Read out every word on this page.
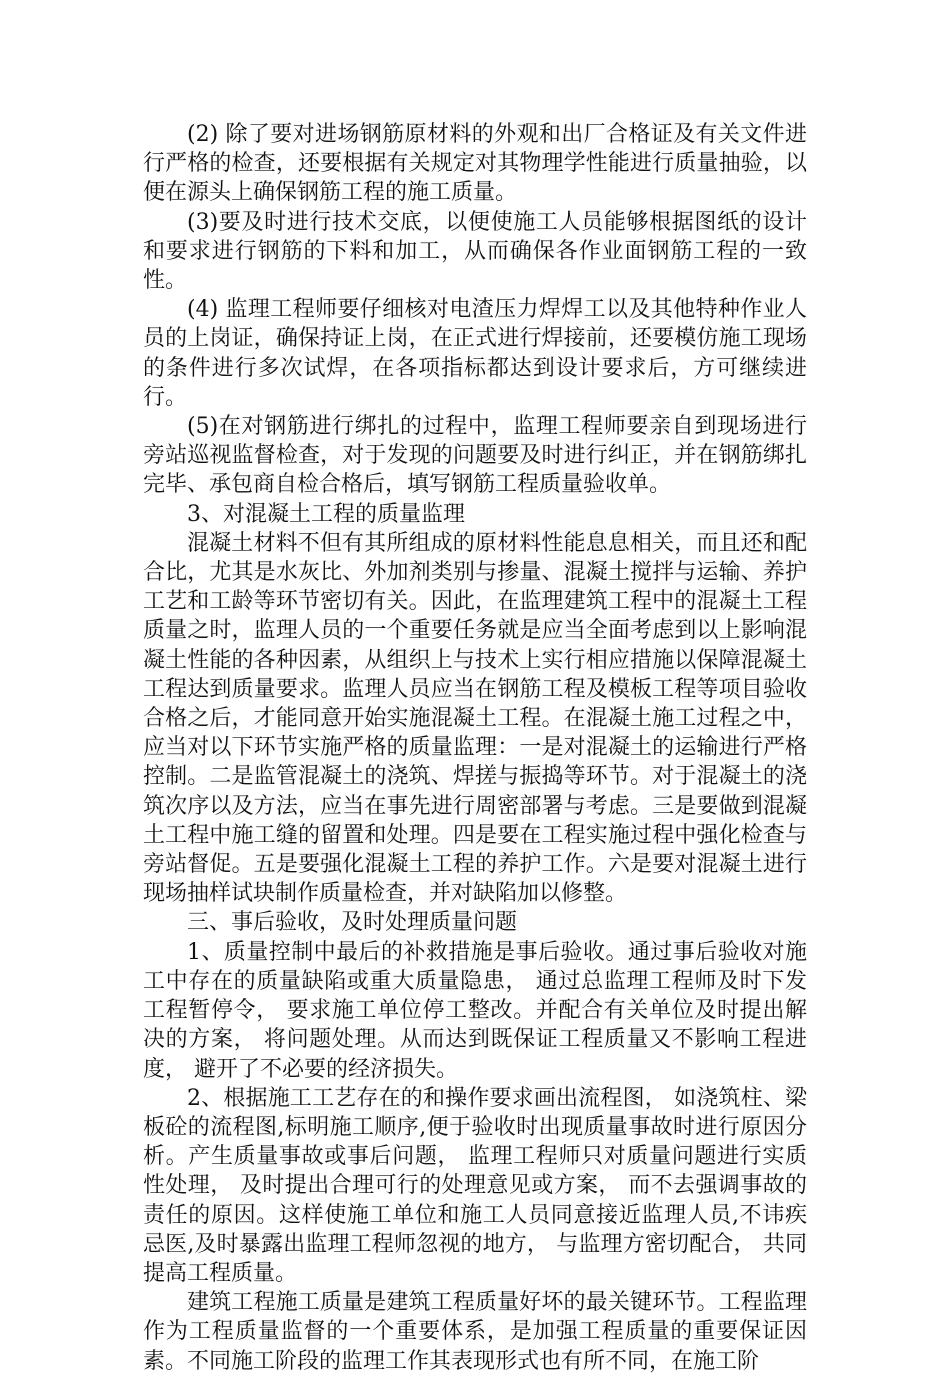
(2) 除了要对进场钢筋原材料的外观和出厂合格证及有关文件进行严格的检查，还要根据有关规定对其物理学性能进行质量抽验，以便在源头上确保钢筋工程的施工质量。

(3)要及时进行技术交底，以便使施工人员能够根据图纸的设计和要求进行钢筋的下料和加工，从而确保各作业面钢筋工程的一致性。

(4) 监理工程师要仔细核对电渣压力焊焊工以及其他特种作业人员的上岗证，确保持证上岗，在正式进行焊接前，还要模仿施工现场的条件进行多次试焊，在各项指标都达到设计要求后，方可继续进行。

(5)在对钢筋进行绑扎的过程中，监理工程师要亲自到现场进行旁站巡视监督检查，对于发现的问题要及时进行纠正，并在钢筋绑扎完毕、承包商自检合格后，填写钢筋工程质量验收单。

3、对混凝土工程的质量监理

混凝土材料不但有其所组成的原材料性能息息相关，而且还和配合比，尤其是水灰比、外加剂类别与掺量、混凝土搅拌与运输、养护工艺和工龄等环节密切有关。因此，在监理建筑工程中的混凝土工程质量之时，监理人员的一个重要任务就是应当全面考虑到以上影响混凝土性能的各种因素，从组织上与技术上实行相应措施以保障混凝土工程达到质量要求。监理人员应当在钢筋工程及模板工程等项目验收合格之后，才能同意开始实施混凝土工程。在混凝土施工过程之中，应当对以下环节实施严格的质量监理：一是对混凝土的运输进行严格控制。二是监管混凝土的浇筑、焊搓与振捣等环节。对于混凝土的浇筑次序以及方法，应当在事先进行周密部署与考虑。三是要做到混凝土工程中施工缝的留置和处理。四是要在工程实施过程中强化检查与旁站督促。五是要强化混凝土工程的养护工作。六是要对混凝土进行现场抽样试块制作质量检查，并对缺陷加以修整。

三、事后验收，及时处理质量问题

1、质量控制中最后的补救措施是事后验收。通过事后验收对施工中存在的质量缺陷或重大质量隐患， 通过总监理工程师及时下发工程暂停令， 要求施工单位停工整改。并配合有关单位及时提出解决的方案， 将问题处理。从而达到既保证工程质量又不影响工程进度， 避开了不必要的经济损失。

2、根据施工工艺存在的和操作要求画出流程图， 如浇筑柱、梁板砼的流程图,标明施工顺序,便于验收时出现质量事故时进行原因分析。产生质量事故或事后问题， 监理工程师只对质量问题进行实质性处理， 及时提出合理可行的处理意见或方案， 而不去强调事故的责任的原因。这样使施工单位和施工人员同意接近监理人员,不讳疾忌医,及时暴露出监理工程师忽视的地方， 与监理方密切配合， 共同提高工程质量。

建筑工程施工质量是建筑工程质量好坏的最关键环节。工程监理作为工程质量监督的一个重要体系，是加强工程质量的重要保证因素。不同施工阶段的监理工作其表现形式也有所不同，在施工阶
